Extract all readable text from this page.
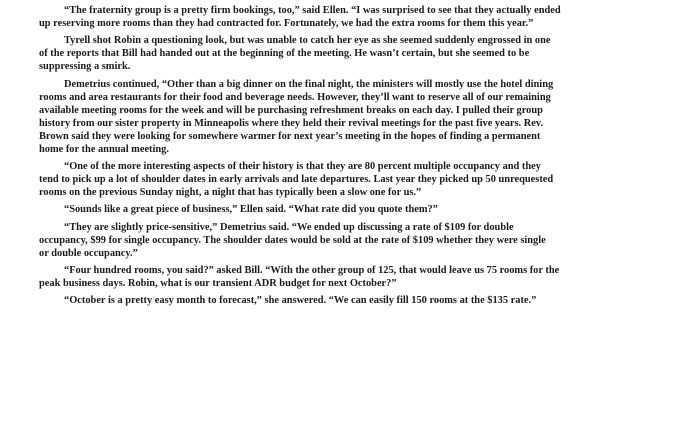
“The fraternity group is a pretty firm bookings, too,” said Ellen. “I was surprised to see that they actually ended
up reserving more rooms than they had contracted for. Fortunately, we had the extra rooms for them this year.”

Tyrell shot Robin a questioning look, but was unable to catch her eye as she seemed suddenly engrossed in one
of the reports that Bill had handed out at the beginning of the meeting. He wasn’t certain, but she seemed to be
suppressing a smirk.

Demetrius continued, “Other than a big dinner on the final night, the ministers will mostly use the hotel dining
rooms and area restaurants for their food and beverage needs. However, they’ll want to reserve all of our remaining
available meeting rooms for the week and will be purchasing refreshment breaks on each day. I pulled their group
history from our sister property in Minneapolis where they held their revival meetings for the past five years. Rev.
Brown said they were looking for somewhere warmer for next year’s meeting in the hopes of finding a permanent
home for the annual meeting.

“One of the more interesting aspects of their history is that they are 80 percent multiple occupancy and they
tend to pick up a lot of shoulder dates in early arrivals and late departures. Last year they picked up 50 unrequested
rooms on the previous Sunday night, a night that has typically been a slow one for us.”

“Sounds like a great piece of business,” Ellen said. “What rate did you quote them?”

“They are slightly price-sensitive,” Demetrius said. “We ended up discussing a rate of $109 for double
occupancy, $99 for single occupancy. The shoulder dates would be sold at the rate of $109 whether they were single
or double occupancy.”

“Four hundred rooms, you said?” asked Bill. “With the other group of 125, that would leave us 75 rooms for the
peak business days. Robin, what is our transient ADR budget for next October?”

“October is a pretty easy month to forecast,” she answered. “We can easily fill 150 rooms at the $135 rate.”
